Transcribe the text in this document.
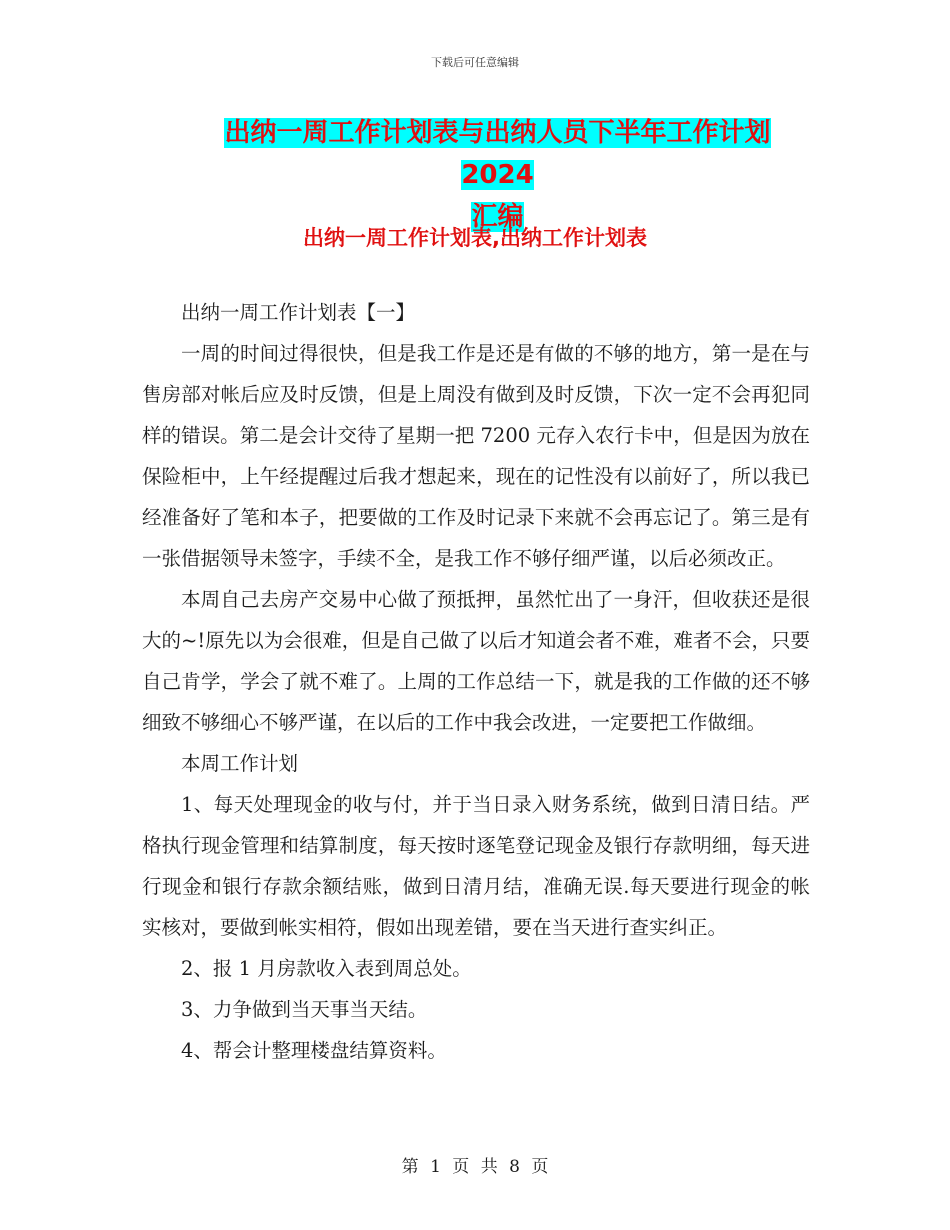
下载后可任意编辑
出纳一周工作计划表与出纳人员下半年工作计划 2024
汇编
出纳一周工作计划表,出纳工作计划表

出纳一周工作计划表【一】

一周的时间过得很快，但是我工作是还是有做的不够的地方，第一是在与售房部对帐后应及时反馈，但是上周没有做到及时反馈，下次一定不会再犯同样的错误。第二是会计交待了星期一把 7200 元存入农行卡中，但是因为放在保险柜中，上午经提醒过后我才想起来，现在的记性没有以前好了，所以我已经准备好了笔和本子，把要做的工作及时记录下来就不会再忘记了。第三是有一张借据领导未签字，手续不全，是我工作不够仔细严谨，以后必须改正。

本周自己去房产交易中心做了预抵押，虽然忙出了一身汗，但收获还是很大的~!原先以为会很难，但是自己做了以后才知道会者不难，难者不会，只要自己肯学，学会了就不难了。上周的工作总结一下，就是我的工作做的还不够细致不够细心不够严谨，在以后的工作中我会改进，一定要把工作做细。

本周工作计划

1、每天处理现金的收与付，并于当日录入财务系统，做到日清日结。严格执行现金管理和结算制度，每天按时逐笔登记现金及银行存款明细，每天进行现金和银行存款余额结账，做到日清月结，准确无误.每天要进行现金的帐实核对，要做到帐实相符，假如出现差错，要在当天进行查实纠正。

2、报 1 月房款收入表到周总处。

3、力争做到当天事当天结。

4、帮会计整理楼盘结算资料。

第 1 页 共 8 页
